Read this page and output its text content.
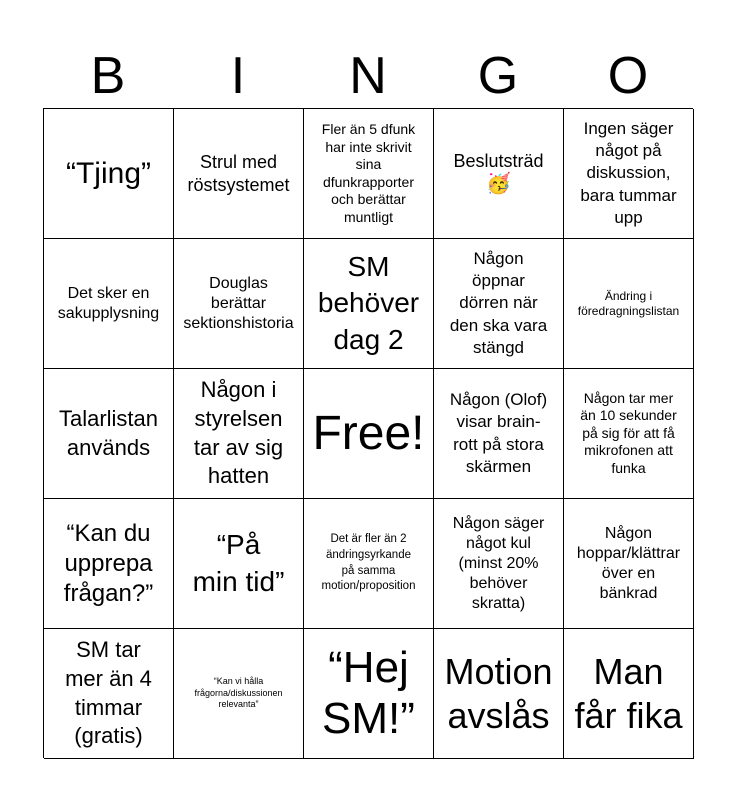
B	I	N	G	O
“Tjing”	Strul med
röstsystemet
Fler än 5 dfunk
har inte skrivit
sina
dfunkrapporter
och berättar
muntligt
Beslutsträd
🥳
Ingen säger
något på
diskussion,
bara tummar
upp
Det sker en
sakupplysning
Douglas
berättar
sektionshistoria
SM
behöver
dag 2
Någon
öppnar
dörren när
den ska vara
stängd
Ändring i
föredragningslistan
Talarlistan
används
Någon i
styrelsen
tar av sig
hatten
Free!
Någon (Olof)
visar brain-
rott på stora
skärmen
Någon tar mer
än 10 sekunder
på sig för att få
mikrofonen att
funka
“Kan du
upprepa
frågan?”
“På
min tid”
Det är fler än 2
ändringsyrkande
på samma
motion/proposition
Någon säger
något kul
(minst 20%
behöver
skratta)
Någon
hoppar/klättrar
över en
bänkrad
SM tar
mer än 4
timmar
(gratis)
“Kan vi hålla
frågorna/diskussionen
relevanta”
“Hej
SM!”
Motion
avslås
Man
får fika
